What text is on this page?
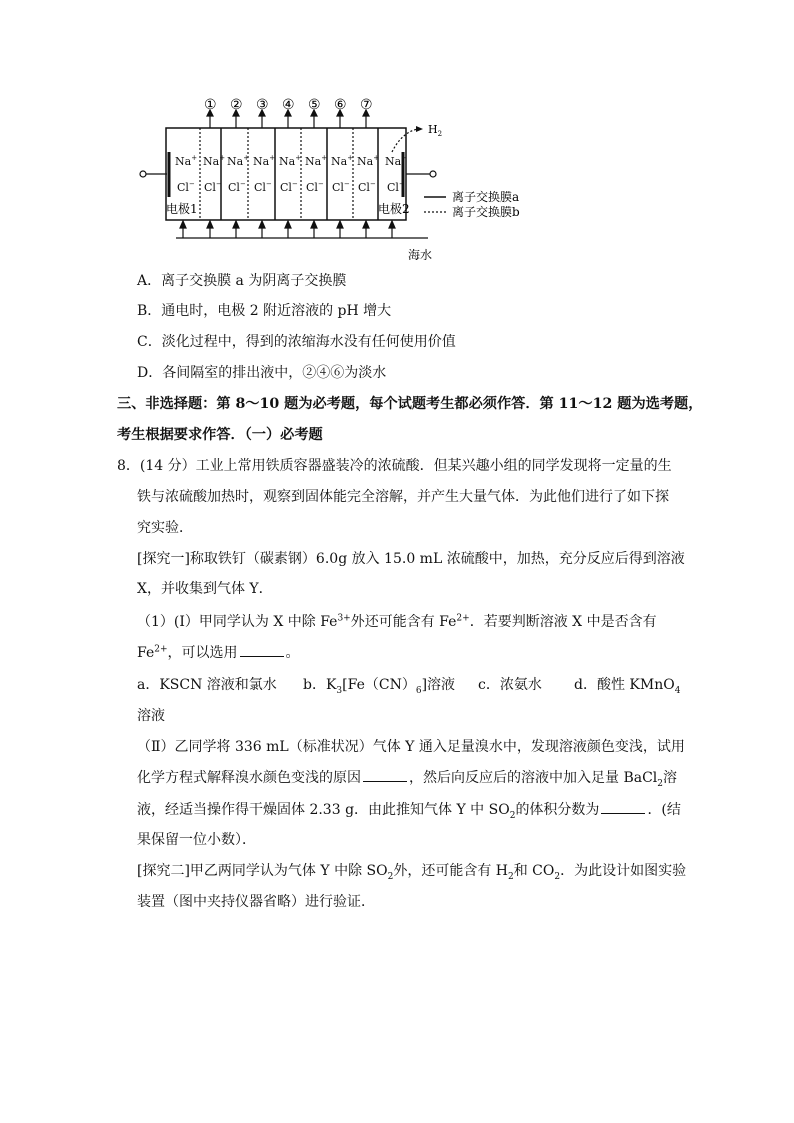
① ② ③ ④ ⑤ ⑥ ⑦
$H_2$
Na+ Na+ Na+ Na+ Na+ Na+ Na+ Na+ Na+
Cl− Cl− Cl− Cl− Cl− Cl− Cl− Cl− Cl−
电极1	电极2
离子交换膜a
离子交换膜b
海水
A．离子交换膜 a 为阴离子交换膜
B．通电时，电极 2 附近溶液的 pH 增大
C．淡化过程中，得到的浓缩海水没有任何使用价值
D．各间隔室的排出液中，②④⑥为淡水
三、非选择题：第 8～10 题为必考题，每个试题考生都必须作答．第 11～12 题为选考题，
考生根据要求作答．（一）必考题
8．(14 分）工业上常用铁质容器盛装冷的浓硫酸．但某兴趣小组的同学发现将一定量的生
铁与浓硫酸加热时，观察到固体能完全溶解，并产生大量气体．为此他们进行了如下探
究实验．
[探究一]称取铁钉（碳素钢）6.0g 放入 15.0 mL 浓硫酸中，加热，充分反应后得到溶液
X，并收集到气体 Y．
（1）(Ⅰ）甲同学认为 X 中除 $Fe^{3+}$外还可能含有 $Fe^{2+}$．若要判断溶液 X 中是否含有
$Fe^{2+}$，可以选用	。
a．KSCN 溶液和氯水 b．$K_3[Fe(CN)_6]$溶液 c．浓氨水 d．酸性 KMnO$_4$
溶液
（Ⅱ）乙同学将 336 mL（标准状况）气体 Y 通入足量溴水中，发现溶液颜色变浅，试用
化学方程式解释溴水颜色变浅的原因	，然后向反应后的溶液中加入足量 BaCl$_2$溶
液，经适当操作得干燥固体 2.33 g．由此推知气体 Y 中 $SO_2$的体积分数为	．(结
果保留一位小数）．
[探究二]甲乙两同学认为气体 Y 中除 $SO_2$外，还可能含有 $H_2$和 $CO_2$．为此设计如图实验
装置（图中夹持仪器省略）进行验证．
